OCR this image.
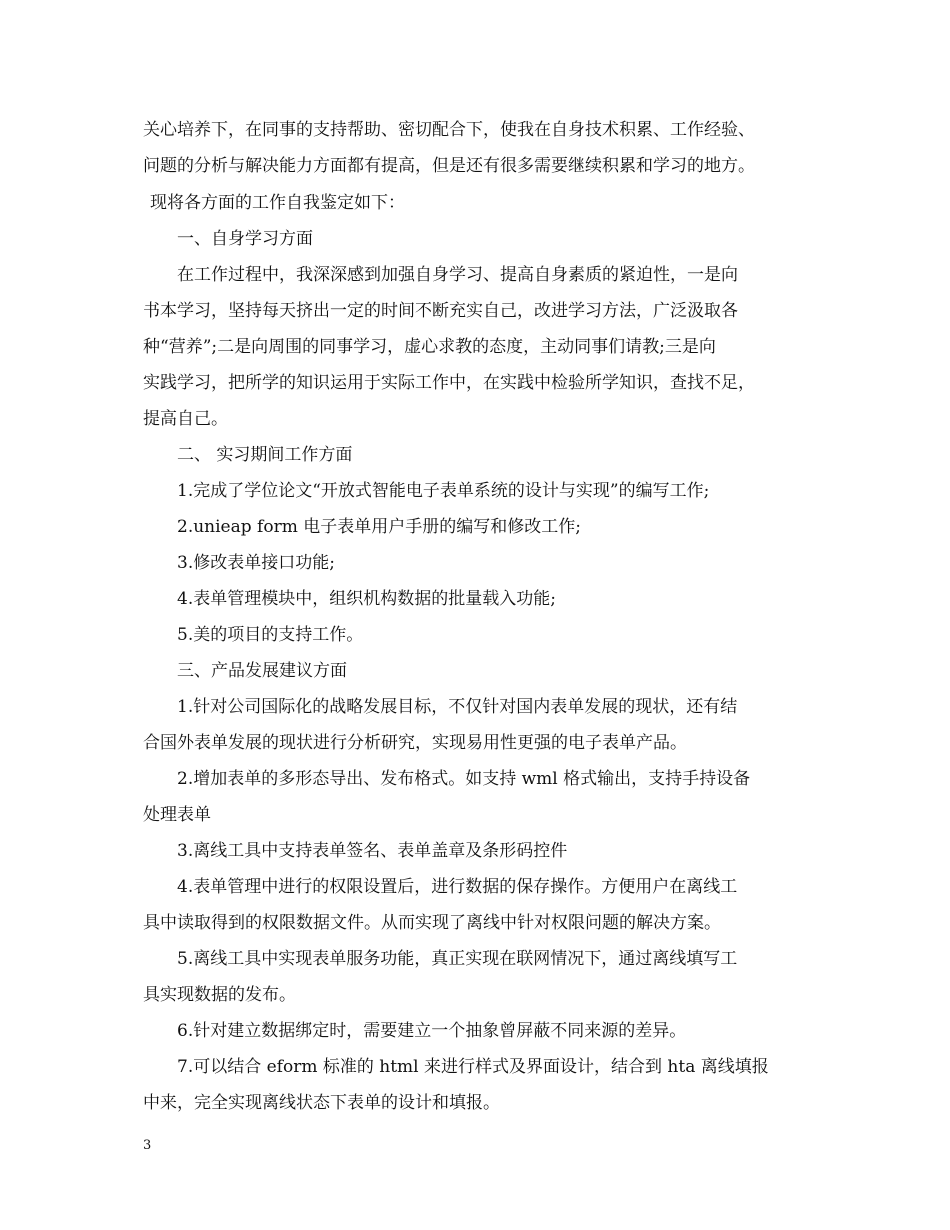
关心培养下，在同事的支持帮助、密切配合下，使我在自身技术积累、工作经验、
问题的分析与解决能力方面都有提高，但是还有很多需要继续积累和学习的地方。
现将各方面的工作自我鉴定如下：
一、自身学习方面
在工作过程中，我深深感到加强自身学习、提高自身素质的紧迫性，一是向
书本学习，坚持每天挤出一定的时间不断充实自己，改进学习方法，广泛汲取各
种“营养”;二是向周围的同事学习，虚心求教的态度，主动同事们请教;三是向
实践学习，把所学的知识运用于实际工作中，在实践中检验所学知识，查找不足，
提高自己。
二、 实习期间工作方面
1.完成了学位论文“开放式智能电子表单系统的设计与实现”的编写工作;
2.unieap form 电子表单用户手册的编写和修改工作;
3.修改表单接口功能;
4.表单管理模块中，组织机构数据的批量载入功能;
5.美的项目的支持工作。
三、产品发展建议方面
1.针对公司国际化的战略发展目标，不仅针对国内表单发展的现状，还有结
合国外表单发展的现状进行分析研究，实现易用性更强的电子表单产品。
2.增加表单的多形态导出、发布格式。如支持 wml 格式输出，支持手持设备
处理表单
3.离线工具中支持表单签名、表单盖章及条形码控件
4.表单管理中进行的权限设置后，进行数据的保存操作。方便用户在离线工
具中读取得到的权限数据文件。从而实现了离线中针对权限问题的解决方案。
5.离线工具中实现表单服务功能，真正实现在联网情况下，通过离线填写工
具实现数据的发布。
6.针对建立数据绑定时，需要建立一个抽象曾屏蔽不同来源的差异。
7.可以结合 eform 标准的 html 来进行样式及界面设计，结合到 hta 离线填报
中来，完全实现离线状态下表单的设计和填报。
3
